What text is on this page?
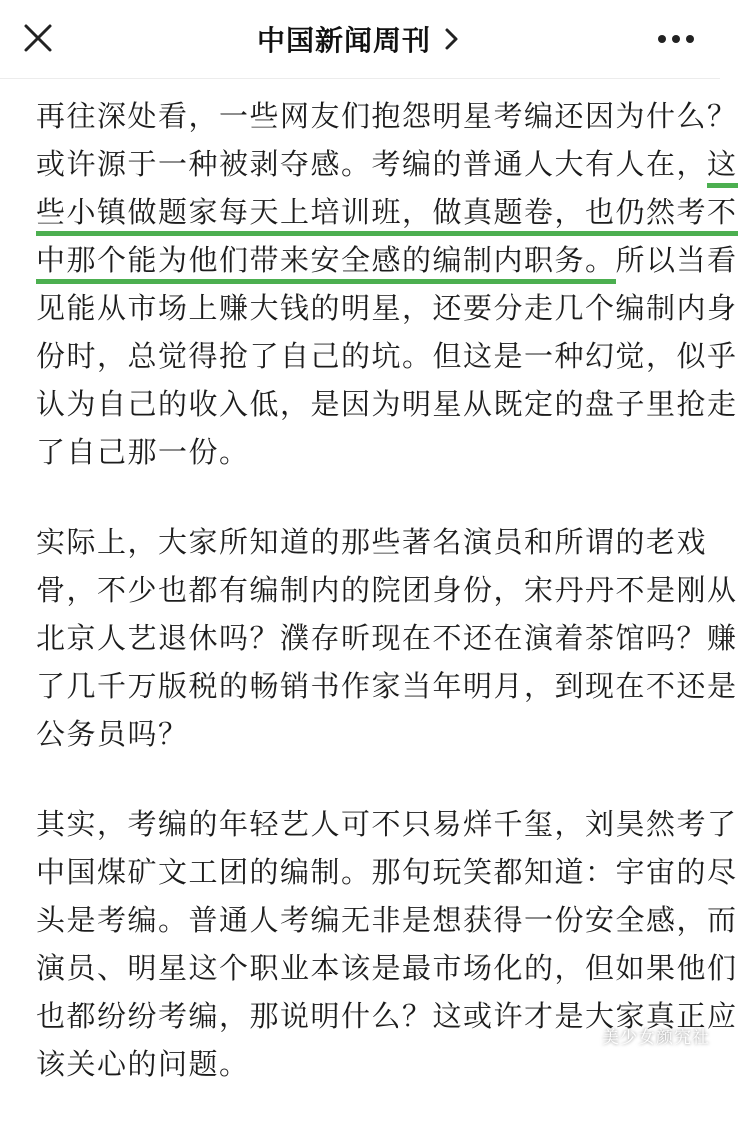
中国新闻周刊

再往深处看，一些网友们抱怨明星考编还因为什么？
或许源于一种被剥夺感。考编的普通人大有人在，这
些小镇做题家每天上培训班，做真题卷，也仍然考不
中那个能为他们带来安全感的编制内职务。所以当看
见能从市场上赚大钱的明星，还要分走几个编制内身
份时，总觉得抢了自己的坑。但这是一种幻觉，似乎
认为自己的收入低，是因为明星从既定的盘子里抢走
了自己那一份。

实际上，大家所知道的那些著名演员和所谓的老戏
骨，不少也都有编制内的院团身份，宋丹丹不是刚从
北京人艺退休吗？濮存昕现在不还在演着茶馆吗？赚
了几千万版税的畅销书作家当年明月，到现在不还是
公务员吗？

其实，考编的年轻艺人可不只易烊千玺，刘昊然考了
中国煤矿文工团的编制。那句玩笑都知道：宇宙的尽
头是考编。普通人考编无非是想获得一份安全感，而
演员、明星这个职业本该是最市场化的，但如果他们
也都纷纷考编，那说明什么？这或许才是大家真正应
该关心的问题。

美少女颜究社
